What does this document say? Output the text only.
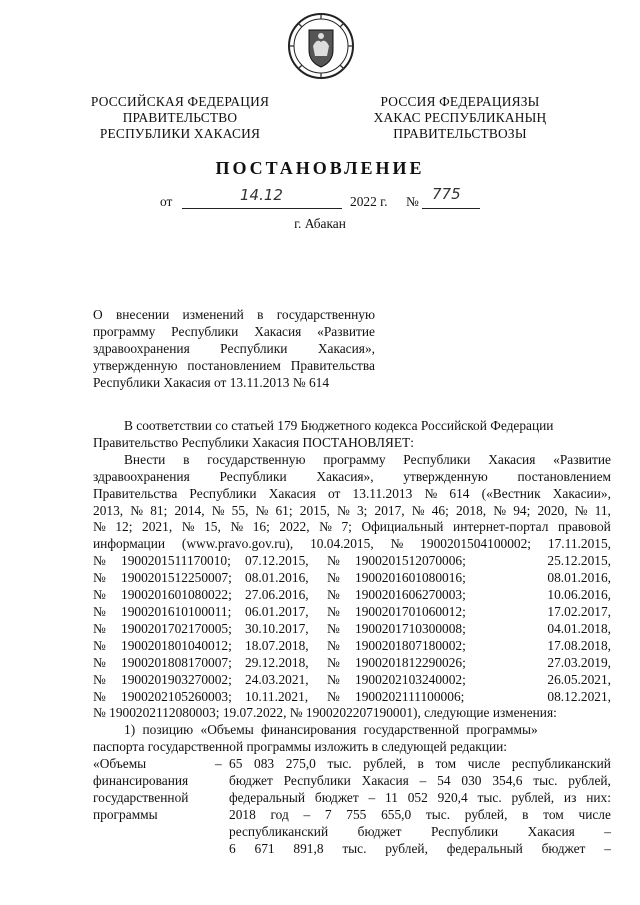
РОССИЙСКАЯ ФЕДЕРАЦИЯ
ПРАВИТЕЛЬСТВО
РЕСПУБЛИКИ ХАКАСИЯ
РОССИЯ ФЕДЕРАЦИЯЗЫ
ХАКАС РЕСПУБЛИКАНЫҢ
ПРАВИТЕЛЬСТВОЗЫ
ПОСТАНОВЛЕНИЕ
от	14.12	2022 г. № 775
г. Абакан
О внесении изменений в государственную
программу Республики Хакасия «Развитие
здравоохранения Республики Хакасия»,
утвержденную постановлением Правительства
Республики Хакасия от 13.11.2013 № 614
В соответствии со статьей 179 Бюджетного кодекса Российской Федерации
Правительство Республики Хакасия ПОСТАНОВЛЯЕТ:
Внести в государственную программу Республики Хакасия «Развитие
здравоохранения Республики Хакасия», утвержденную постановлением
Правительства Республики Хакасия от 13.11.2013 № 614 («Вестник Хакасии»,
2013, № 81; 2014, № 55, № 61; 2015, № 3; 2017, № 46; 2018, № 94; 2020, № 11,
№ 12; 2021, № 15, № 16; 2022, № 7; Официальный интернет-портал правовой
информации (www.pravo.gov.ru), 10.04.2015, № 1900201504100002; 17.11.2015,
№	1900201511170010;	07.12.2015,	№	1900201512070006;	25.12.2015,
№	1900201512250007; 08.01.2016,	№	1900201601080016;	08.01.2016,
№	1900201601080022; 27.06.2016,	№	1900201606270003;	10.06.2016,
№	1900201610100011;	06.01.2017,	№	1900201701060012;	17.02.2017,
№	1900201702170005; 30.10.2017,	№	1900201710300008;	04.01.2018,
№	1900201801040012; 18.07.2018,	№	1900201807180002;	17.08.2018,
№	1900201808170007; 29.12.2018,	№	1900201812290026;	27.03.2019,
№	1900201903270002; 24.03.2021,	№	1900202103240002;	26.05.2021,
№	1900202105260003; 10.11.2021,	№	1900202111100006;	08.12.2021,
№ 1900202112080003; 19.07.2022, № 1900202207190001), следующие изменения:
1) позицию «Объемы финансирования государственной программы»
паспорта государственной программы изложить в следующей редакции:
«Объемы
финансирования
государственной
программы
– 65 083 275,0 тыс. рублей, в том числе республиканский
бюджет Республики Хакасия – 54 030 354,6 тыс. рублей,
федеральный бюджет – 11 052 920,4 тыс. рублей, из них:
2018 год – 7 755 655,0 тыс. рублей, в том числе
республиканский бюджет Республики Хакасия –
6 671 891,8 тыс. рублей, федеральный бюджет –
